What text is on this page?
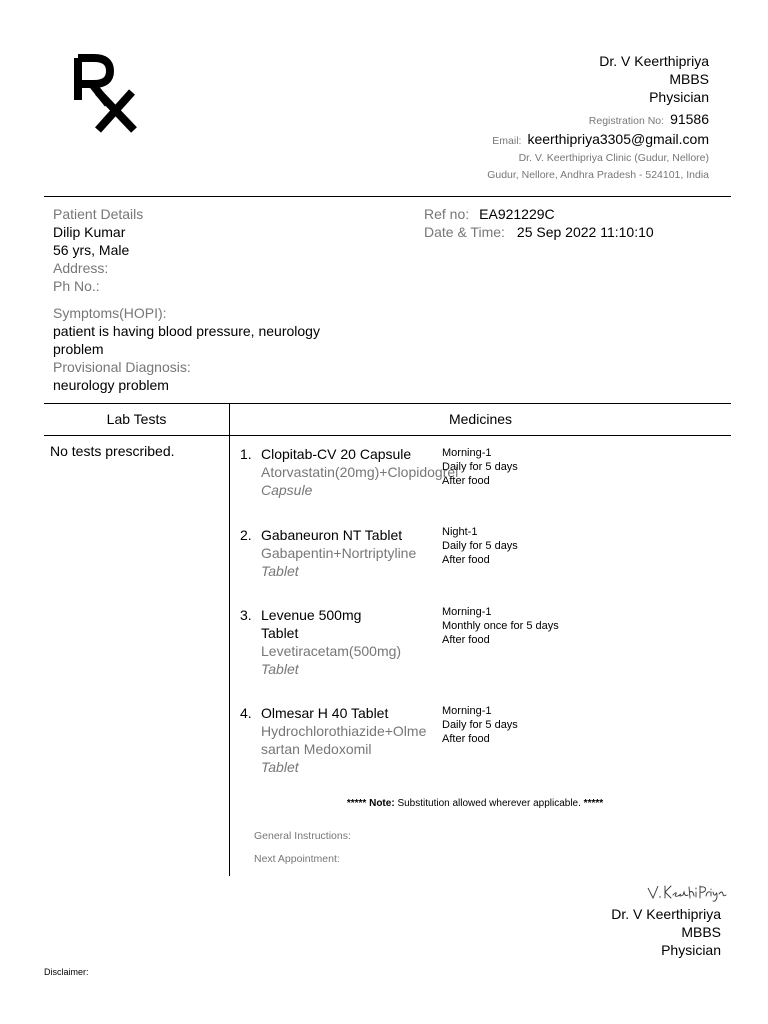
Dr. V Keerthipriya
MBBS
Physician
Registration No: 91586
Email: keerthipriya3305@gmail.com
Dr. V. Keerthipriya Clinic (Gudur, Nellore)
Gudur, Nellore, Andhra Pradesh - 524101, India
Patient Details
Dilip Kumar
56 yrs, Male
Address:
Ph No.:
Ref no: EA921229C
Date & Time: 25 Sep 2022 11:10:10
Symptoms(HOPI):
patient is having blood pressure, neurology problem
Provisional Diagnosis:
neurology problem
Lab Tests	Medicines
No tests prescribed.	1. Clopitab-CV 20 Capsule
Atorvastatin(20mg)+Clopidogrel
Capsule
Morning-1
Daily for 5 days
After food
2. Gabaneuron NT Tablet
Gabapentin+Nortriptyline
Tablet
Night-1
Daily for 5 days
After food
3. Levenue 500mg Tablet
Levetiracetam(500mg)
Tablet
Morning-1
Monthly once for 5 days
After food
4. Olmesar H 40 Tablet
Hydrochlorothiazide+Olmesartan Medoxomil
Tablet
Morning-1
Daily for 5 days
After food
***** Note: Substitution allowed wherever applicable. *****
General Instructions:
Next Appointment:
Dr. V Keerthipriya
MBBS
Physician
Disclaimer:
